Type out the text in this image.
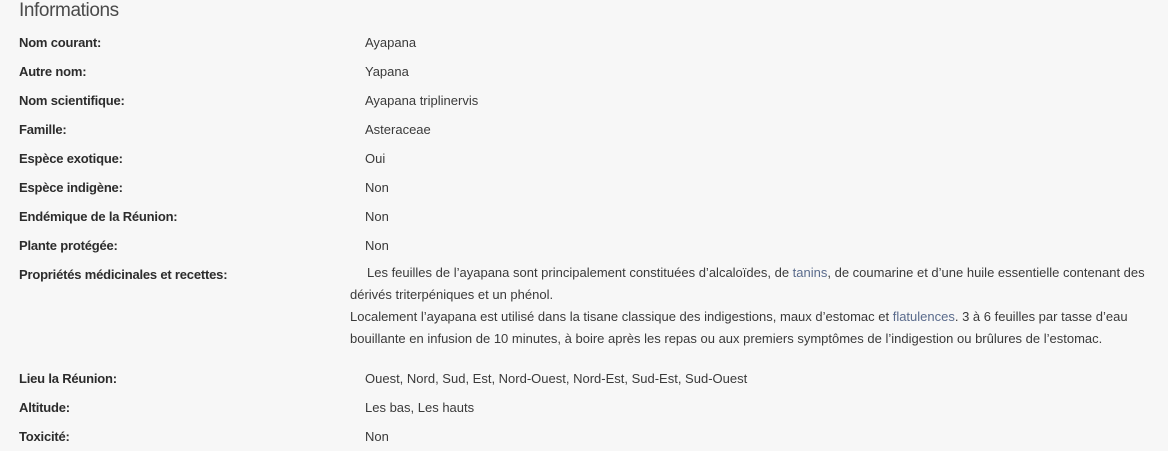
Informations
Nom courant:	Ayapana
Autre nom:	Yapana
Nom scientifique:	Ayapana triplinervis
Famille:	Asteraceae
Espèce exotique:	Oui
Espèce indigène:	Non
Endémique de la Réunion:	Non
Plante protégée:	Non
Propriétés médicinales et recettes:	Les feuilles de l’ayapana sont principalement constituées d’alcaloïdes, de tanins, de coumarine et d’une huile essentielle contenant des dérivés triterpéniques et un phénol.

Localement l’ayapana est utilisé dans la tisane classique des indigestions, maux d’estomac et flatulences. 3 à 6 feuilles par tasse d’eau bouillante en infusion de 10 minutes, à boire après les repas ou aux premiers symptômes de l’indigestion ou brûlures de l’estomac.

Lieu la Réunion:	Ouest, Nord, Sud, Est, Nord-Ouest, Nord-Est, Sud-Est, Sud-Ouest
Altitude:	Les bas, Les hauts
Toxicité:	Non
